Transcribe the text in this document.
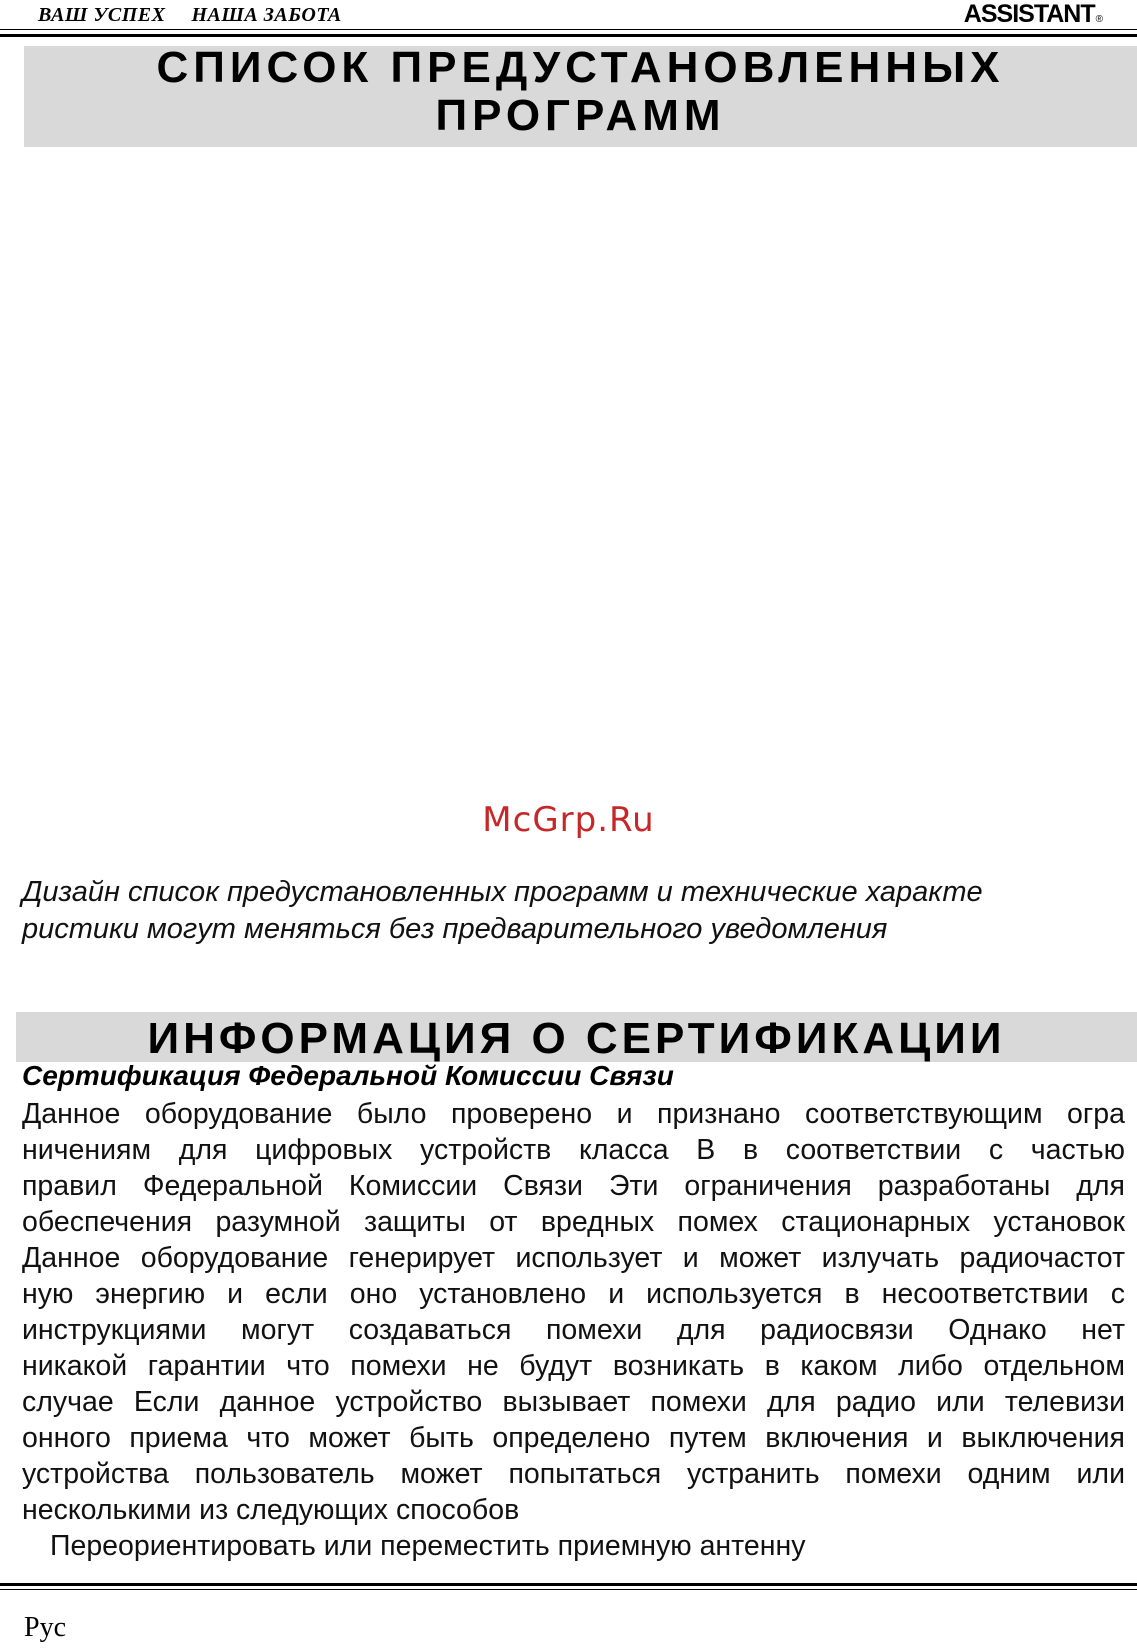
ВАШ УСПЕХ НАША ЗАБОТА	ASSISTANT®
СПИСОК ПРЕДУСТАНОВЛЕННЫХ
ПРОГРАММ
McGrp.Ru
Дизайн список предустановленных программ и технические характе
ристики могут меняться без предварительного уведомления
ИНФОРМАЦИЯ О СЕРТИФИКАЦИИ
Сертификация Федеральной Комиссии Связи
Данное оборудование было проверено и признано соответствующим огра
ничениям для цифровых устройств класса B в соответствии с частью
правил Федеральной Комиссии Связи Эти ограничения разработаны для
обеспечения разумной защиты от вредных помех стационарных установок
Данное оборудование генерирует использует и может излучать радиочастот
ную энергию и если оно установлено и используется в несоответствии с
инструкциями могут создаваться помехи для радиосвязи Однако нет
никакой гарантии что помехи не будут возникать в каком либо отдельном
случае Если данное устройство вызывает помехи для радио или телевизи
онного приема что может быть определено путем включения и выключения
устройства пользователь может попытаться устранить помехи одним или
несколькими из следующих способов
Переориентировать или переместить приемную антенну
Рус
